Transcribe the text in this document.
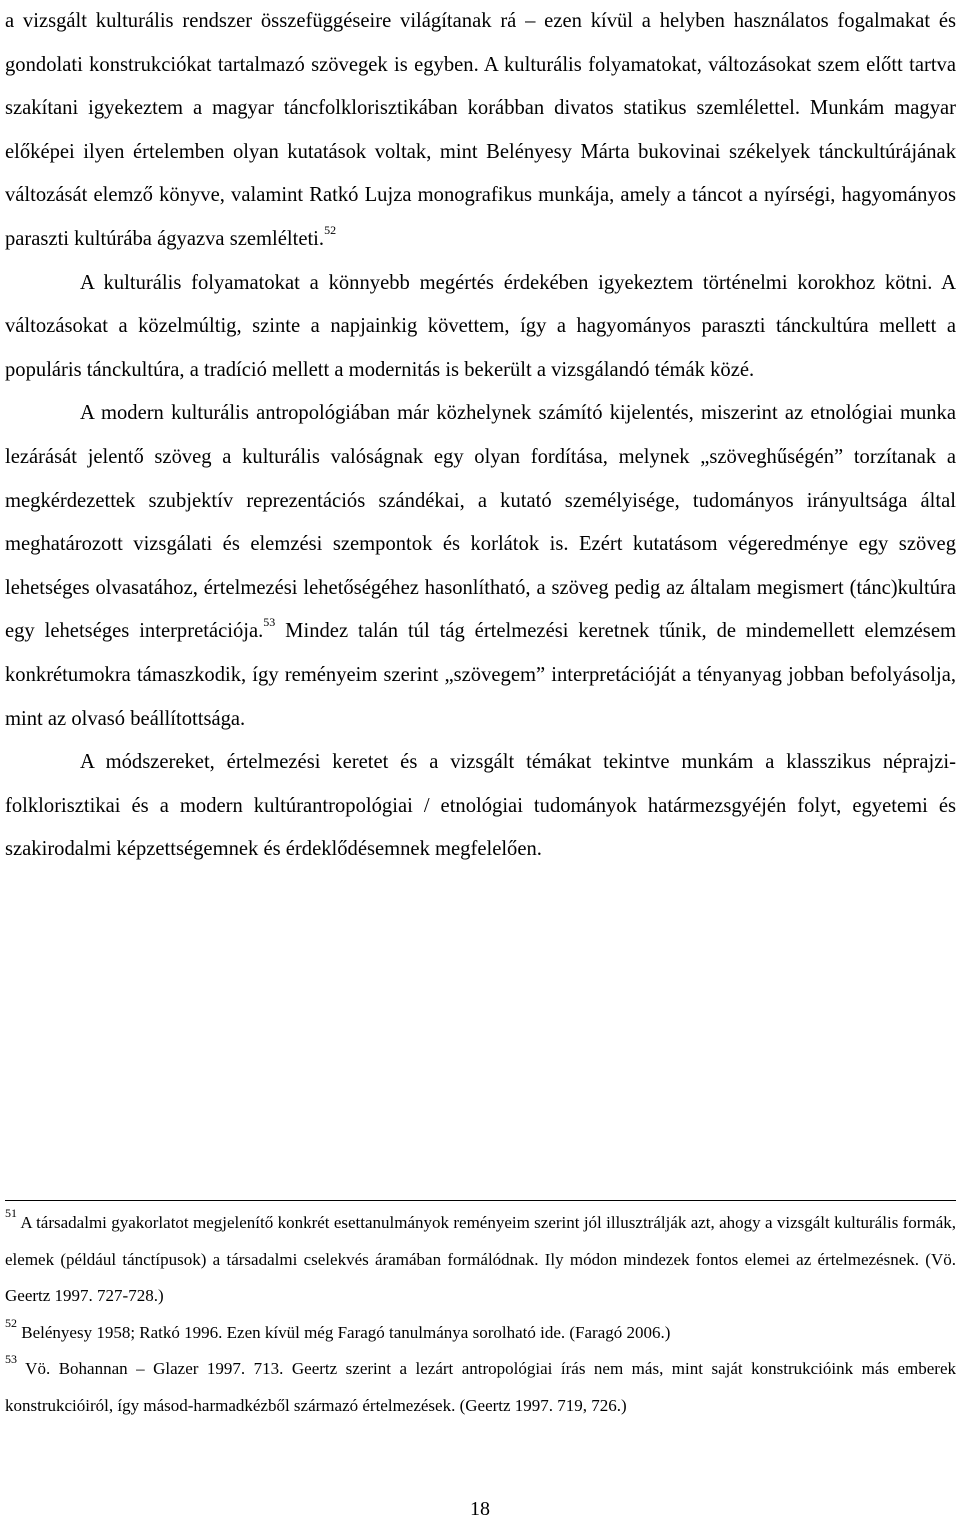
a vizsgált kulturális rendszer összefüggéseire világítanak rá – ezen kívül a helyben használatos fogalmakat és gondolati konstrukciókat tartalmazó szövegek is egyben. A kulturális folyamatokat, változásokat szem előtt tartva szakítani igyekeztem a magyar táncfolklorisztikában korábban divatos statikus szemlélettel. Munkám magyar előképei ilyen értelemben olyan kutatások voltak, mint Belényesy Márta bukovinai székelyek tánckultúrájának változását elemző könyve, valamint Ratkó Lujza monografikus munkája, amely a táncot a nyírségi, hagyományos paraszti kultúrába ágyazva szemlélteti.$^{52}$

A kulturális folyamatokat a könnyebb megértés érdekében igyekeztem történelmi korokhoz kötni. A változásokat a közelmúltig, szinte a napjainkig követtem, így a hagyományos paraszti tánckultúra mellett a populáris tánckultúra, a tradíció mellett a modernitás is bekerült a vizsgálandó témák közé.

A modern kulturális antropológiában már közhelynek számító kijelentés, miszerint az etnológiai munka lezárását jelentő szöveg a kulturális valóságnak egy olyan fordítása, melynek „szöveghűségén” torzítanak a megkérdezettek szubjektív reprezentációs szándékai, a kutató személyisége, tudományos irányultsága által meghatározott vizsgálati és elemzési szempontok és korlátok is. Ezért kutatásom végeredménye egy szöveg lehetséges olvasatához, értelmezési lehetőségéhez hasonlítható, a szöveg pedig az általam megismert (tánc)kultúra egy lehetséges interpretációja.$^{53}$ Mindez talán túl tág értelmezési keretnek tűnik, de mindemellett elemzésem konkrétumokra támaszkodik, így reményeim szerint „szövegem” interpretációját a tényanyag jobban befolyásolja, mint az olvasó beállítottsága.

A módszereket, értelmezési keretet és a vizsgált témákat tekintve munkám a klasszikus néprajzi-folklorisztikai és a modern kultúrantropológiai / etnológiai tudományok határmezsgyéjén folyt, egyetemi és szakirodalmi képzettségemnek és érdeklődésemnek megfelelően.

$^{51}$ A társadalmi gyakorlatot megjelenítő konkrét esettanulmányok reményeim szerint jól illusztrálják azt, ahogy a vizsgált kulturális formák, elemek (például tánctípusok) a társadalmi cselekvés áramában formálódnak. Ily módon mindezek fontos elemei az értelmezésnek. (Vö. Geertz 1997. 727-728.)

$^{52}$ Belényesy 1958; Ratkó 1996. Ezen kívül még Faragó tanulmánya sorolható ide. (Faragó 2006.)

$^{53}$ Vö. Bohannan – Glazer 1997. 713. Geertz szerint a lezárt antropológiai írás nem más, mint saját konstrukcióink más emberek konstrukcióiról, így másod-harmadkézből származó értelmezések. (Geertz 1997. 719, 726.)

18
